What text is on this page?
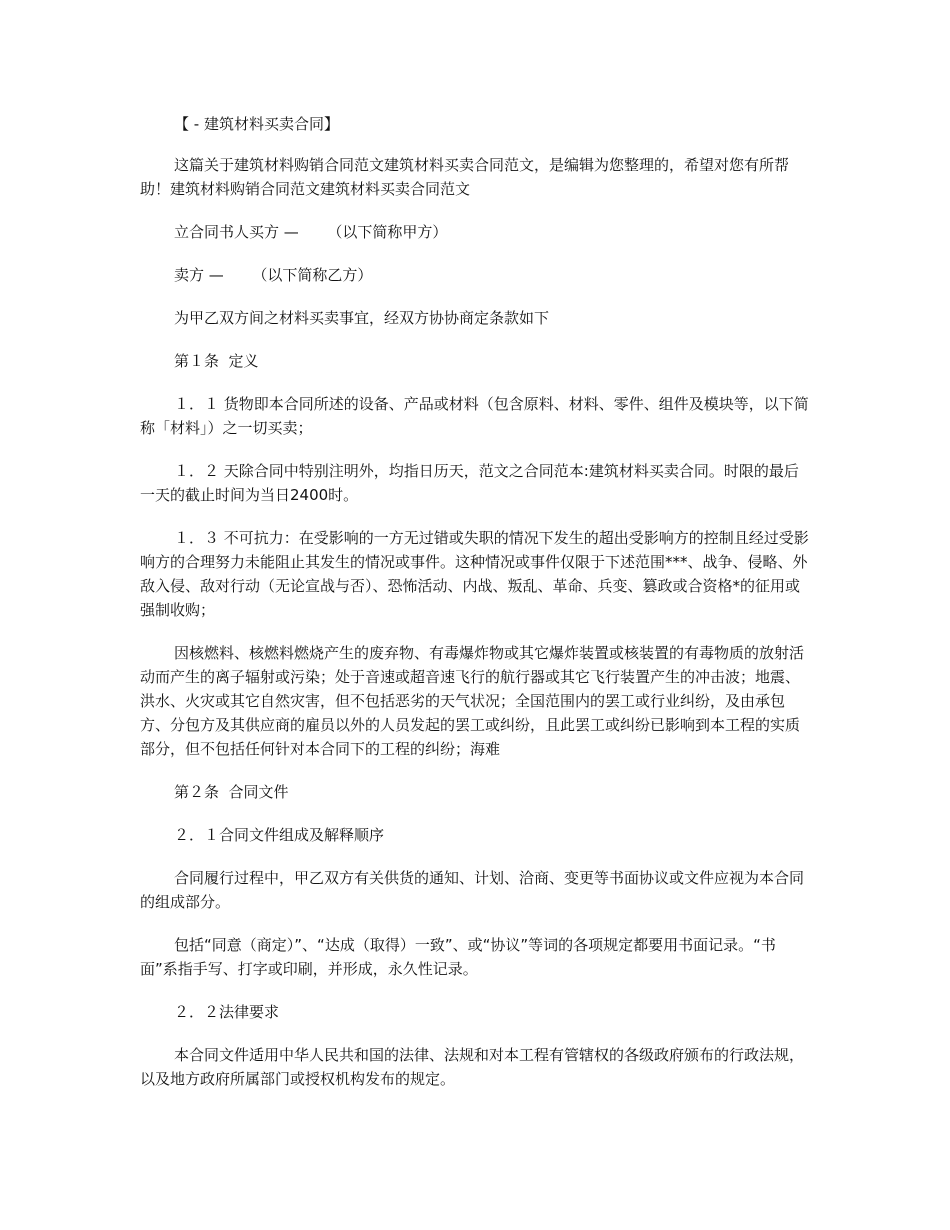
【 - 建筑材料买卖合同】

这篇关于建筑材料购销合同范文建筑材料买卖合同范文，是编辑为您整理的，希望对您有所帮助！建筑材料购销合同范文建筑材料买卖合同范文

立合同书人买方 —      （以下简称甲方）

卖方 —      （以下简称乙方）

为甲乙双方间之材料买卖事宜，经双方协协商定条款如下

第１条  定义

１．１ 货物即本合同所述的设备、产品或材料（包含原料、材料、零件、组件及模块等，以下简称「材料」）之一切买卖；

１．２ 天除合同中特别注明外，均指日历天，范文之合同范本:建筑材料买卖合同。时限的最后一天的截止时间为当日2400时。

１．３ 不可抗力：在受影响的一方无过错或失职的情况下发生的超出受影响方的控制且经过受影响方的合理努力未能阻止其发生的情况或事件。这种情况或事件仅限于下述范围***、战争、侵略、外敌入侵、敌对行动（无论宣战与否）、恐怖活动、内战、叛乱、革命、兵变、篡政或合资格*的征用或强制收购；

因核燃料、核燃料燃烧产生的废弃物、有毒爆炸物或其它爆炸装置或核装置的有毒物质的放射活动而产生的离子辐射或污染；处于音速或超音速飞行的航行器或其它飞行装置产生的冲击波；地震、洪水、火灾或其它自然灾害，但不包括恶劣的天气状况；全国范围内的罢工或行业纠纷，及由承包方、分包方及其供应商的雇员以外的人员发起的罢工或纠纷，且此罢工或纠纷已影响到本工程的实质部分，但不包括任何针对本合同下的工程的纠纷；海难

第２条  合同文件

２．１合同文件组成及解释顺序

合同履行过程中，甲乙双方有关供货的通知、计划、洽商、变更等书面协议或文件应视为本合同的组成部分。

包括“同意（商定）”、“达成（取得）一致”、或“协议”等词的各项规定都要用书面记录。“书面”系指手写、打字或印刷，并形成，永久性记录。

２．２法律要求

本合同文件适用中华人民共和国的法律、法规和对本工程有管辖权的各级政府颁布的行政法规，以及地方政府所属部门或授权机构发布的规定。
